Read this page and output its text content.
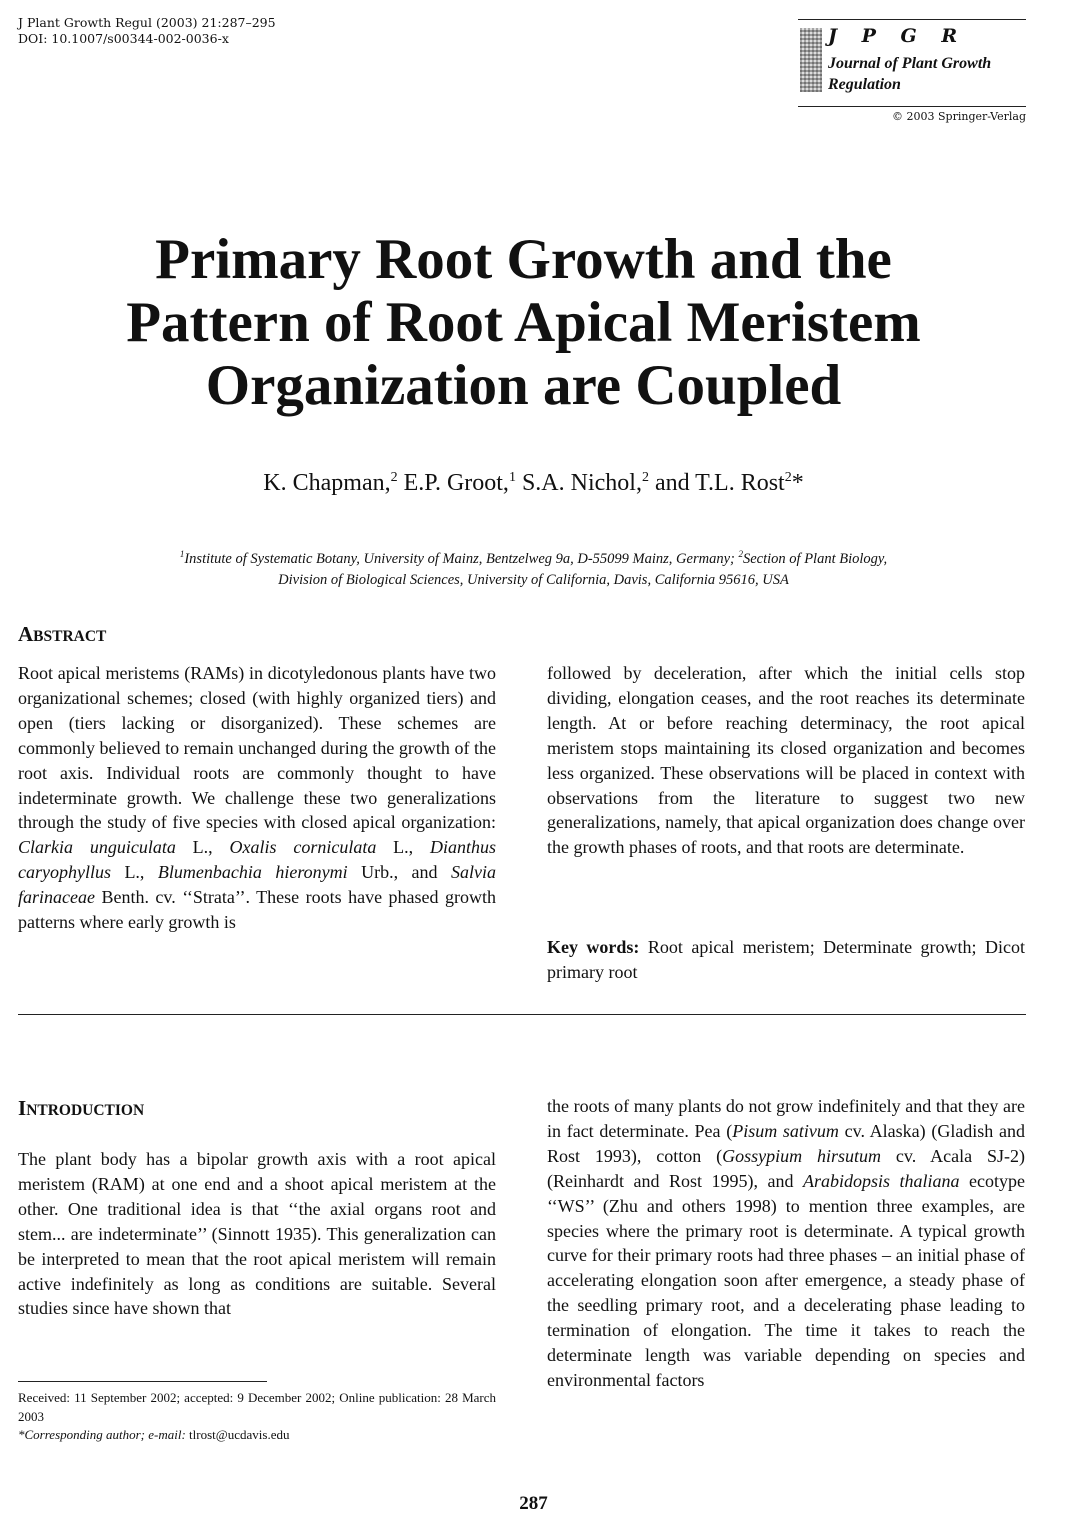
J Plant Growth Regul (2003) 21:287–295
DOI: 10.1007/s00344-002-0036-x	J P G R
Journal of Plant Growth
Regulation
© 2003 Springer-Verlag
Primary Root Growth and the
Pattern of Root Apical Meristem
Organization are Coupled
K. Chapman,$^2$ E.P. Groot,$^1$ S.A. Nichol,$^2$ and T.L. Rost$^2$*
$^1$Institute of Systematic Botany, University of Mainz, Bentzelweg 9a, D-55099 Mainz, Germany; $^2$Section of Plant Biology,
Division of Biological Sciences, University of California, Davis, California 95616, USA
ABSTRACT

Root apical meristems (RAMs) in dicotyledonous plants have two organizational schemes; closed (with highly organized tiers) and open (tiers lacking or disorganized). These schemes are commonly believed to remain unchanged during the growth of the root axis. Individual roots are commonly thought to have indeterminate growth. We challenge these two generalizations through the study of five species with closed apical organization: Clarkia unguiculata L., Oxalis corniculata L., Dianthus caryophyllus L., Blumenbachia hieronymi Urb., and Salvia farinaceae Benth. cv. ‘‘Strata’’. These roots have phased growth patterns where early growth is

followed by deceleration, after which the initial cells stop dividing, elongation ceases, and the root reaches its determinate length. At or before reaching determinacy, the root apical meristem stops maintaining its closed organization and becomes less organized. These observations will be placed in context with observations from the literature to suggest two new generalizations, namely, that apical organization does change over the growth phases of roots, and that roots are determinate.

Key words: Root apical meristem; Determinate growth; Dicot primary root

INTRODUCTION

The plant body has a bipolar growth axis with a root apical meristem (RAM) at one end and a shoot apical meristem at the other. One traditional idea is that ‘‘the axial organs root and stem... are indeterminate’’ (Sinnott 1935). This generalization can be interpreted to mean that the root apical meristem will remain active indefinitely as long as conditions are suitable. Several studies since have shown that

the roots of many plants do not grow indefinitely and that they are in fact determinate. Pea (Pisum sativum cv. Alaska) (Gladish and Rost 1993), cotton (Gossypium hirsutum cv. Acala SJ-2) (Reinhardt and Rost 1995), and Arabidopsis thaliana ecotype ‘‘WS’’ (Zhu and others 1998) to mention three examples, are species where the primary root is determinate. A typical growth curve for their primary roots had three phases – an initial phase of accelerating elongation soon after emergence, a steady phase of the seedling primary root, and a decelerating phase leading to termination of elongation. The time it takes to reach the determinate length was variable depending on species and environmental factors

Received: 11 September 2002; accepted: 9 December 2002; Online publication: 28 March 2003
*Corresponding author; e-mail: tlrost@ucdavis.edu
287
